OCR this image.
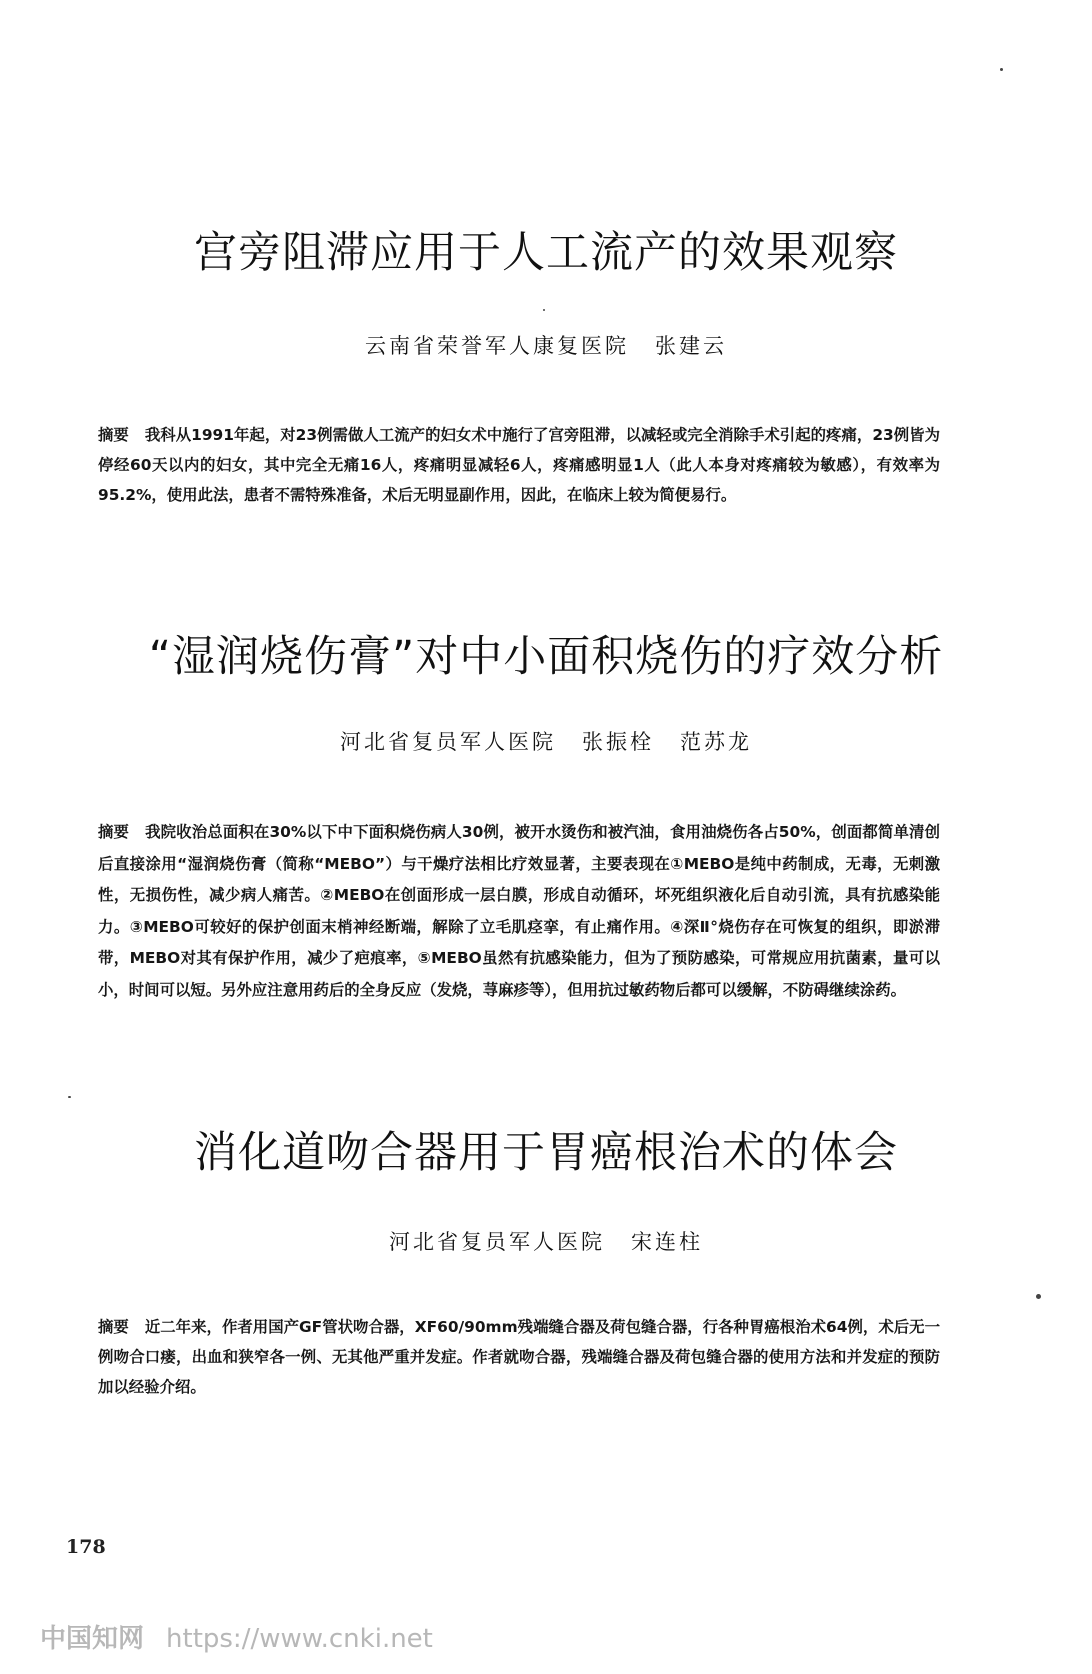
宫旁阻滞应用于人工流产的效果观察

云南省荣誉军人康复医院 张建云

摘要 我科从1991年起，对23例需做人工流产的妇女术中施行了宫旁阻滞，以减轻或完全消除手术引起的疼痛，23例皆为停经60天以内的妇女，其中完全无痛16人，疼痛明显减轻6人，疼痛感明显1人（此人本身对疼痛较为敏感），有效率为95.2%，使用此法，患者不需特殊准备，术后无明显副作用，因此，在临床上较为简便易行。

“湿润烧伤膏”对中小面积烧伤的疗效分析

河北省复员军人医院 张振栓 范苏龙

摘要 我院收治总面积在30%以下中下面积烧伤病人30例，被开水烫伤和被汽油，食用油烧伤各占50%，创面都简单清创后直接涂用“湿润烧伤膏（简称“MEBO”）与干燥疗法相比疗效显著，主要表现在①MEBO是纯中药制成，无毒，无刺激性，无损伤性，减少病人痛苦。②MEBO在创面形成一层白膜，形成自动循环，坏死组织液化后自动引流，具有抗感染能力。③MEBO可较好的保护创面末梢神经断端，解除了立毛肌痉挛，有止痛作用。④深Ⅱ°烧伤存在可恢复的组织，即淤滞带，MEBO对其有保护作用，减少了疤痕率，⑤MEBO虽然有抗感染能力，但为了预防感染，可常规应用抗菌素，量可以小，时间可以短。另外应注意用药后的全身反应（发烧，荨麻疹等），但用抗过敏药物后都可以缓解，不防碍继续涂药。

消化道吻合器用于胃癌根治术的体会

河北省复员军人医院 宋连柱

摘要 近二年来，作者用国产GF管状吻合器，XF60/90mm残端缝合器及荷包缝合器，行各种胃癌根治术64例，术后无一例吻合口瘘，出血和狭窄各一例、无其他严重并发症。作者就吻合器，残端缝合器及荷包缝合器的使用方法和并发症的预防加以经验介绍。

178
中国知网 https://www.cnki.net
